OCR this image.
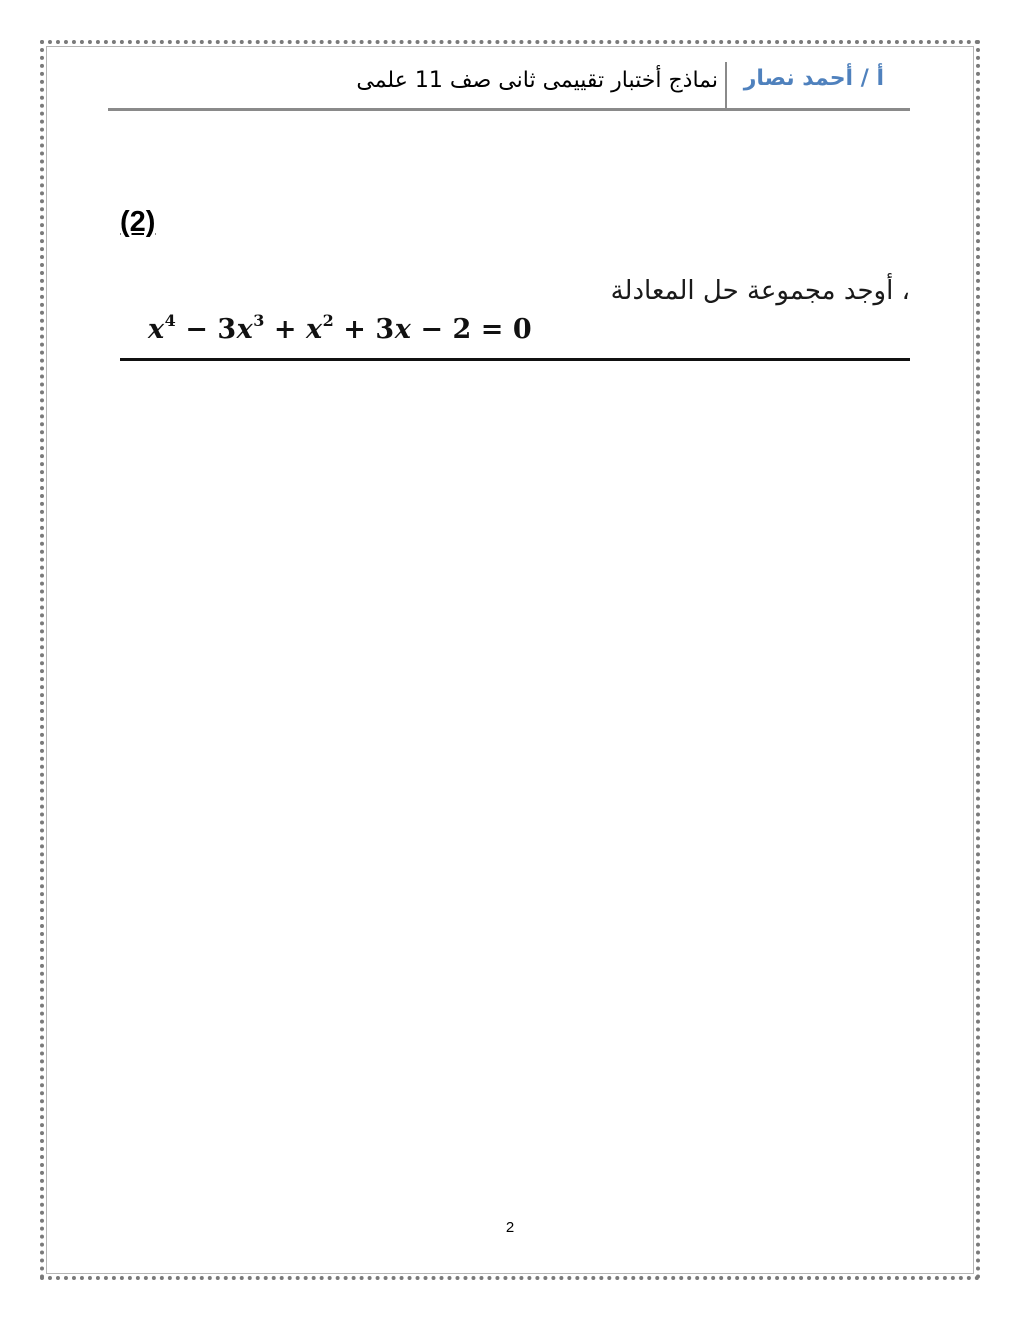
أ / أحمد نصار
نماذج أختبار تقييمى ثانى صف 11 علمى
(2)
، أوجد مجموعة حل المعادلة
$x^4 - 3x^3 + x^2 + 3x - 2 = 0$
2
